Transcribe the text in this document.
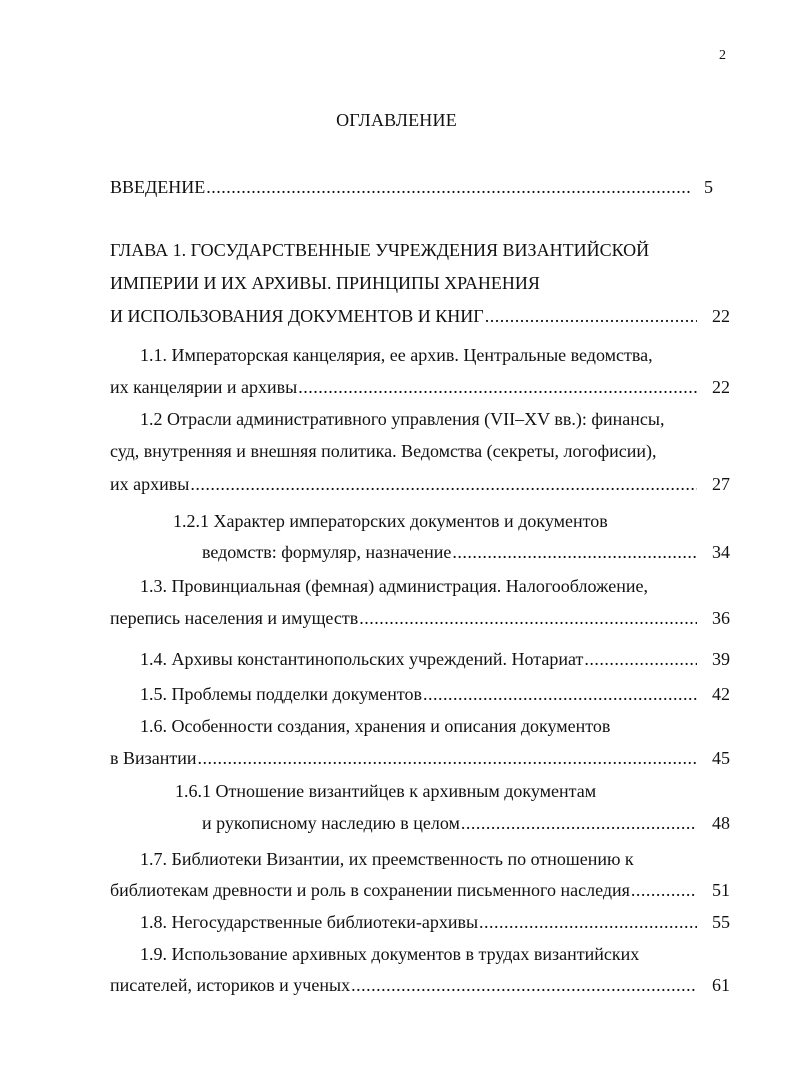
2
ОГЛАВЛЕНИЕ
ВВЕДЕНИЕ .....	5
ГЛАВА 1. ГОСУДАРСТВЕННЫЕ УЧРЕЖДЕНИЯ ВИЗАНТИЙСКОЙ
ИМПЕРИИ И ИХ АРХИВЫ. ПРИНЦИПЫ ХРАНЕНИЯ
И ИСПОЛЬЗОВАНИЯ ДОКУМЕНТОВ И КНИГ .....	22
1.1. Императорская канцелярия, ее архив. Центральные ведомства,
их канцелярии и архивы .....	22
1.2 Отрасли административного управления (VII–XV вв.): финансы,
суд, внутренняя и внешняя политика. Ведомства (секреты, логофисии),
их архивы .....	27
1.2.1 Характер императорских документов и документов
ведомств: формуляр, назначение .....	34
1.3. Провинциальная (фемная) администрация. Налогообложение,
перепись населения и имуществ .....	36
1.4. Архивы константинопольских учреждений. Нотариат .....	39
1.5. Проблемы подделки документов .....	42
1.6. Особенности создания, хранения и описания документов
в Византии .....	45
1.6.1 Отношение византийцев к архивным документам
и рукописному наследию в целом .....	48
1.7. Библиотеки Византии, их преемственность по отношению к
библиотекам древности и роль в сохранении письменного наследия .....	51
1.8. Негосударственные библиотеки-архивы .....	55
1.9. Использование архивных документов в трудах византийских
писателей, историков и ученых .....	61
